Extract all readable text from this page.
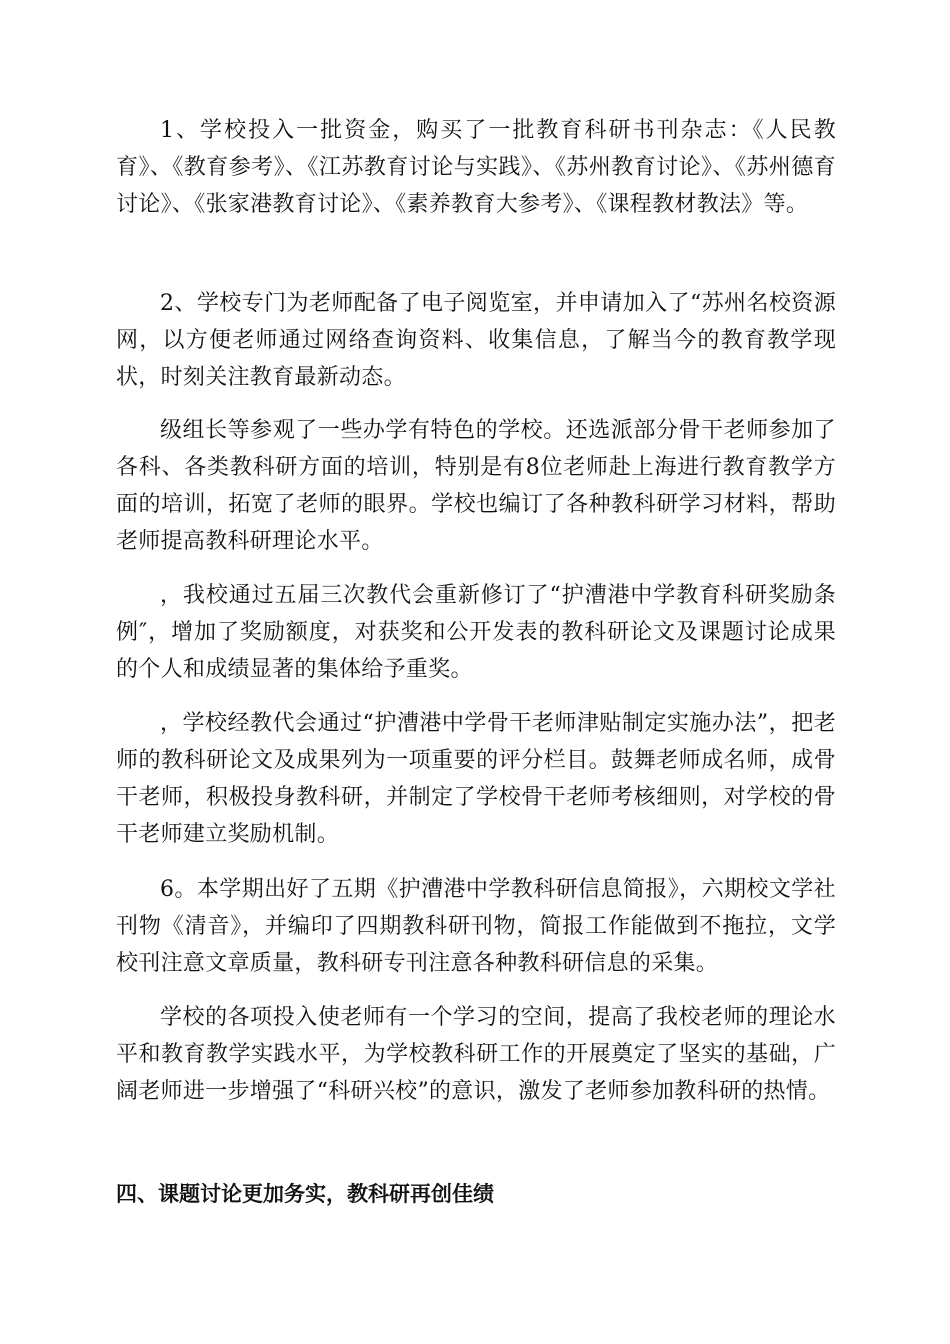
1、学校投入一批资金，购买了一批教育科研书刊杂志：《人民教育》、《教育参考》、《江苏教育讨论与实践》、《苏州教育讨论》、《苏州德育讨论》、《张家港教育讨论》、《素养教育大参考》、《课程教材教法》等。

2、学校专门为老师配备了电子阅览室，并申请加入了“苏州名校资源网，以方便老师通过网络查询资料、收集信息，了解当今的教育教学现状，时刻关注教育最新动态。

级组长等参观了一些办学有特色的学校。还选派部分骨干老师参加了各科、各类教科研方面的培训，特别是有8位老师赴上海进行教育教学方面的培训，拓宽了老师的眼界。学校也编订了各种教科研学习材料，帮助老师提高教科研理论水平。

，我校通过五届三次教代会重新修订了“护漕港中学教育科研奖励条例″，增加了奖励额度，对获奖和公开发表的教科研论文及课题讨论成果的个人和成绩显著的集体给予重奖。

，学校经教代会通过“护漕港中学骨干老师津贴制定实施办法”，把老师的教科研论文及成果列为一项重要的评分栏目。鼓舞老师成名师，成骨干老师，积极投身教科研，并制定了学校骨干老师考核细则，对学校的骨干老师建立奖励机制。

6。本学期出好了五期《护漕港中学教科研信息简报》，六期校文学社刊物《清音》，并编印了四期教科研刊物，简报工作能做到不拖拉，文学校刊注意文章质量，教科研专刊注意各种教科研信息的采集。

学校的各项投入使老师有一个学习的空间，提高了我校老师的理论水平和教育教学实践水平，为学校教科研工作的开展奠定了坚实的基础，广阔老师进一步增强了“科研兴校”的意识，激发了老师参加教科研的热情。

四、课题讨论更加务实，教科研再创佳绩
